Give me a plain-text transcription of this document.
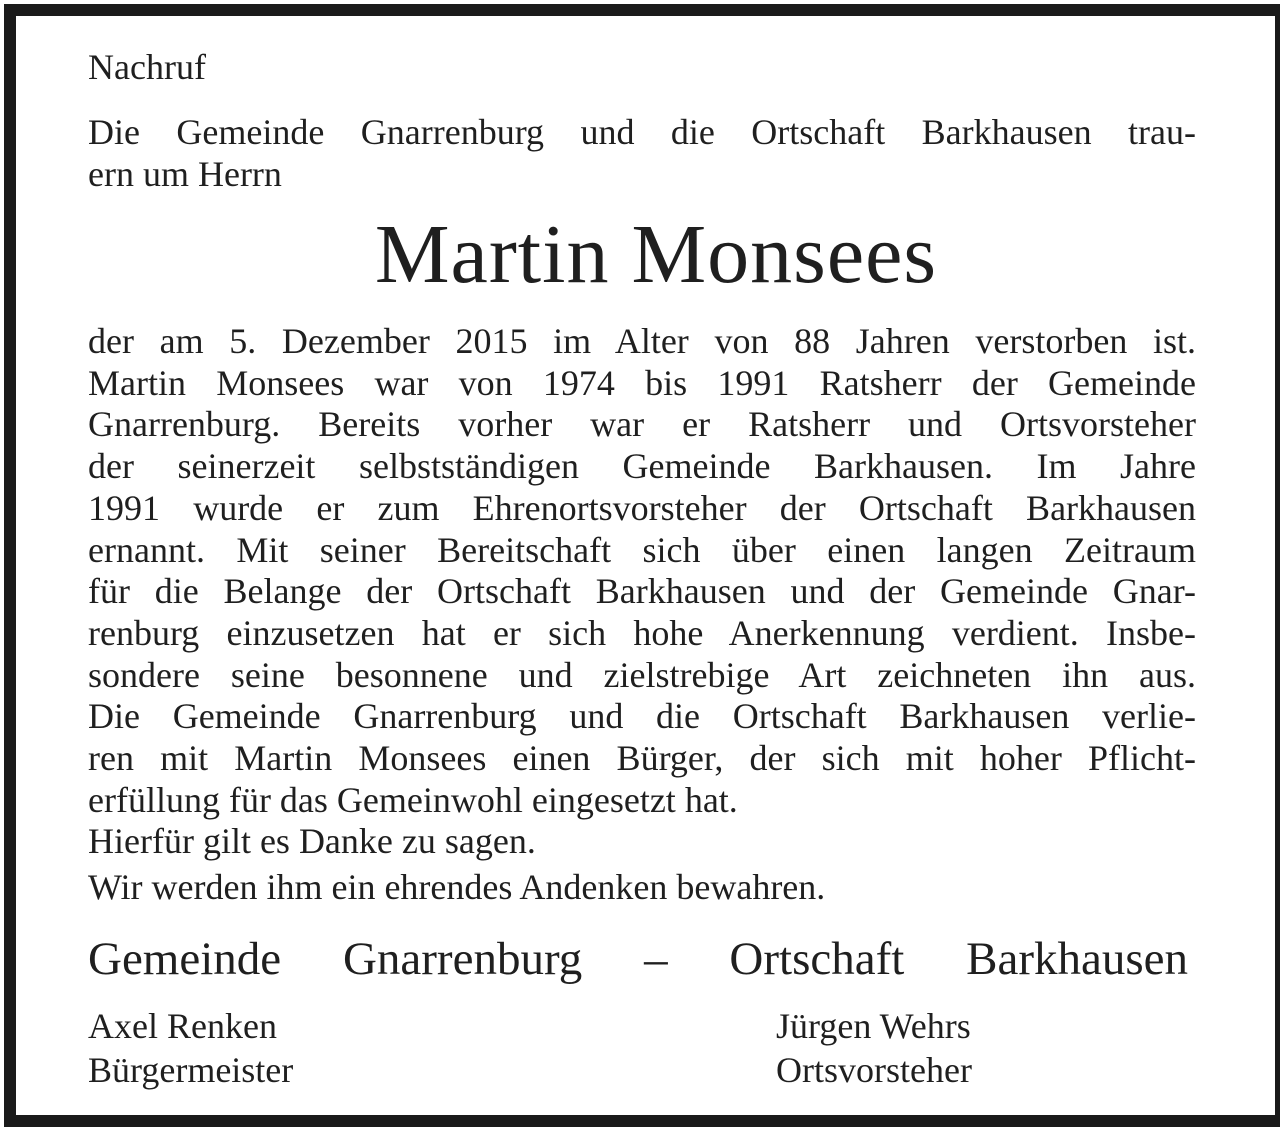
Nachruf
Die Gemeinde Gnarrenburg und die Ortschaft Barkhausen trau-
ern um Herrn
Martin Monsees
der am 5. Dezember 2015 im Alter von 88 Jahren verstorben ist.
Martin Monsees war von 1974 bis 1991 Ratsherr der Gemeinde
Gnarrenburg. Bereits vorher war er Ratsherr und Ortsvorsteher
der seinerzeit selbstständigen Gemeinde Barkhausen. Im Jahre
1991 wurde er zum Ehrenortsvorsteher der Ortschaft Barkhausen
ernannt. Mit seiner Bereitschaft sich über einen langen Zeitraum
für die Belange der Ortschaft Barkhausen und der Gemeinde Gnar-
renburg einzusetzen hat er sich hohe Anerkennung verdient. Insbe-
sondere seine besonnene und zielstrebige Art zeichneten ihn aus.
Die Gemeinde Gnarrenburg und die Ortschaft Barkhausen verlie-
ren mit Martin Monsees einen Bürger, der sich mit hoher Pflicht-
erfüllung für das Gemeinwohl eingesetzt hat.
Hierfür gilt es Danke zu sagen.
Wir werden ihm ein ehrendes Andenken bewahren.
Gemeinde Gnarrenburg – Ortschaft Barkhausen
Axel Renken
Bürgermeister
Jürgen Wehrs
Ortsvorsteher
